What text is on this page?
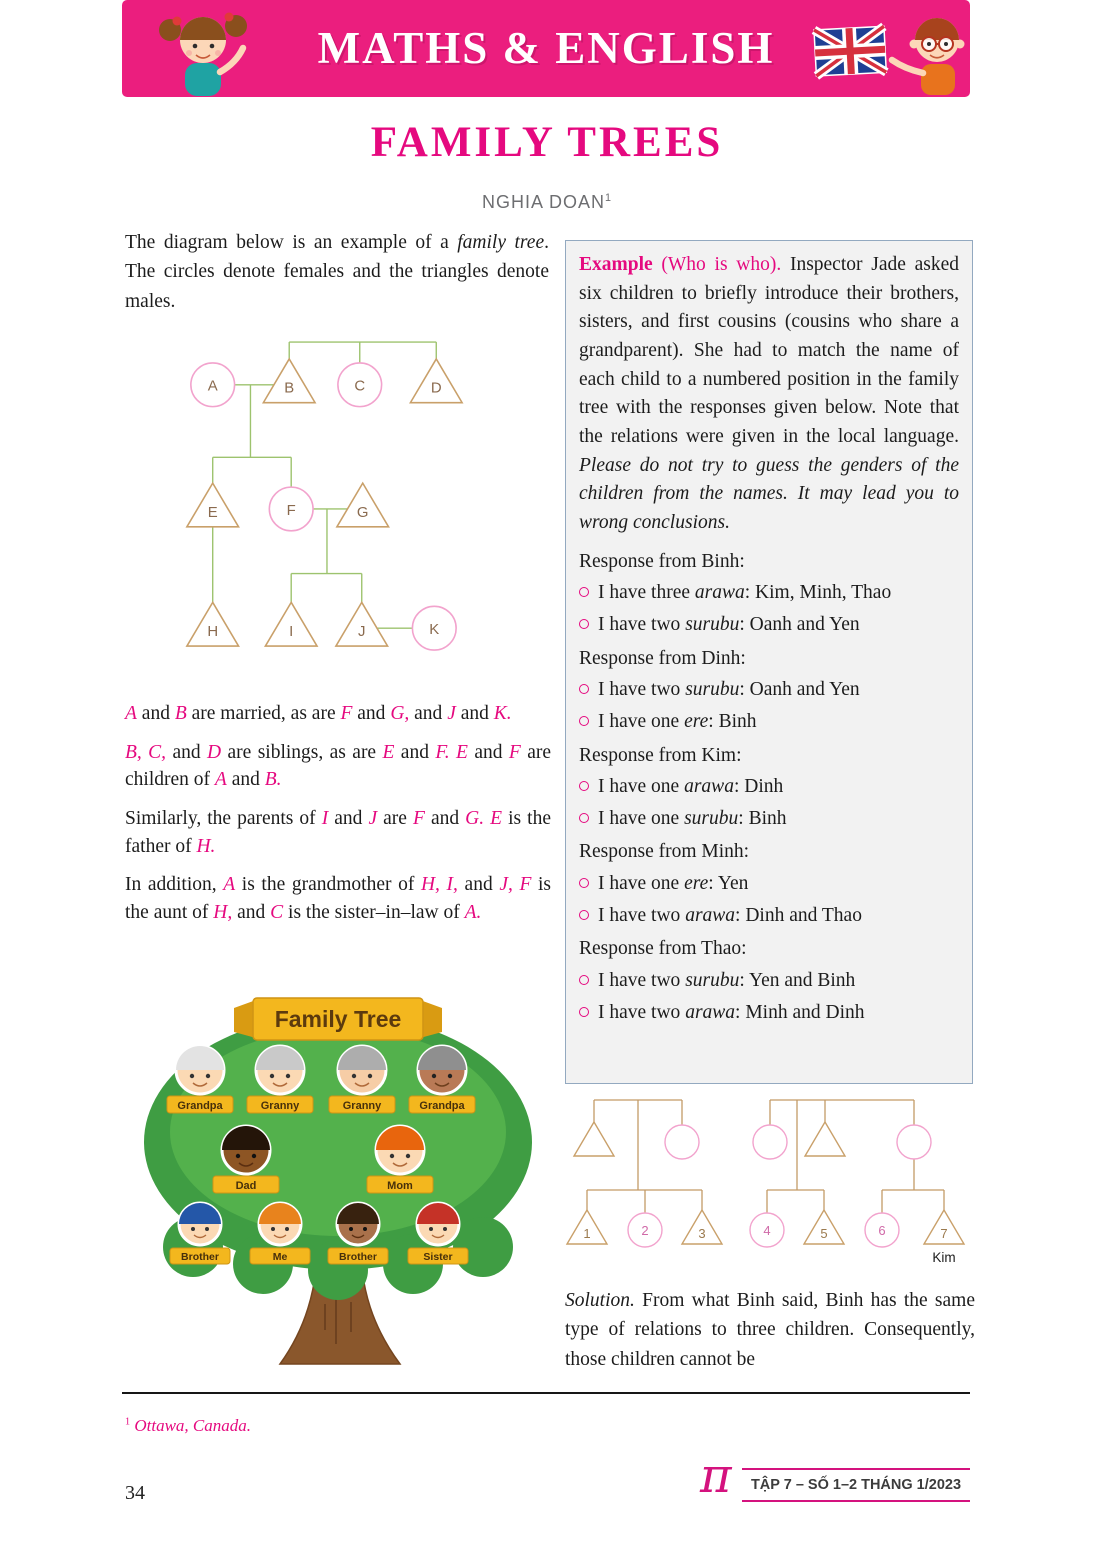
MATHS & ENGLISH
FAMILY TREES
NGHIA DOAN$^1$

The diagram below is an example of a family tree. The circles denote females and the triangles denote males.

A	B	C	D
E	F	G
H	I	J	K

A and B are married, as are F and G, and J and K.

B, C, and D are siblings, as are E and F. E and F are children of A and B.

Similarly, the parents of I and J are F and G. E is the father of H.

In addition, A is the grandmother of H, I, and J, F is the aunt of H, and C is the sister–in–law of A.

Family Tree
Grandpa	Granny	Granny	Grandpa
Dad	Mom
Brother	Me	Brother	Sister

Example (Who is who). Inspector Jade asked six children to briefly introduce their brothers, sisters, and first cousins (cousins who share a grandparent). She had to match the name of each child to a numbered position in the family tree with the responses given below. Note that the relations were given in the local language. Please do not try to guess the genders of the children from the names. It may lead you to wrong conclusions.

Response from Binh:
I have three arawa: Kim, Minh, Thao
I have two surubu: Oanh and Yen
Response from Dinh:
I have two surubu: Oanh and Yen
I have one ere: Binh
Response from Kim:
I have one arawa: Dinh
I have one surubu: Binh
Response from Minh:
I have one ere: Yen
I have two arawa: Dinh and Thao
Response from Thao:
I have two surubu: Yen and Binh
I have two arawa: Minh and Dinh
1	2	3	4	5	6	7
Kim

Solution. From what Binh said, Binh has the same type of relations to three children. Consequently, those children cannot be

$^1$ Ottawa, Canada.
34	π	TẬP 7 – SỐ 1–2 THÁNG 1/2023
